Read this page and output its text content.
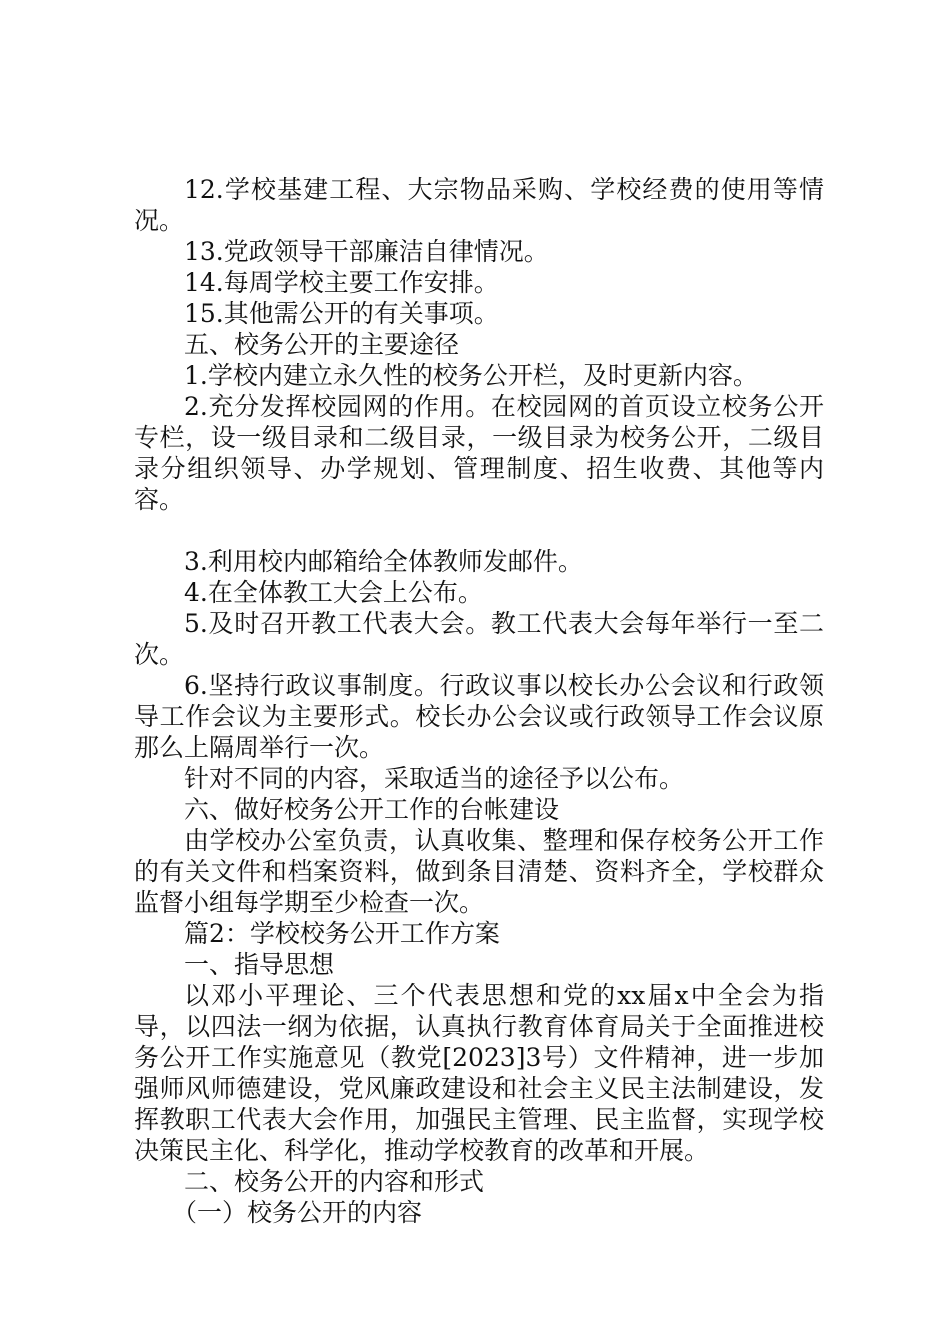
12.学校基建工程、大宗物品采购、学校经费的使用等情况。

13.党政领导干部廉洁自律情况。
14.每周学校主要工作安排。
15.其他需公开的有关事项。
五、校务公开的主要途径
1.学校内建立永久性的校务公开栏，及时更新内容。

2.充分发挥校园网的作用。在校园网的首页设立校务公开专栏，设一级目录和二级目录，一级目录为校务公开，二级目录分组织领导、办学规划、管理制度、招生收费、其他等内容。

3.利用校内邮箱给全体教师发邮件。
4.在全体教工大会上公布。

5.及时召开教工代表大会。教工代表大会每年举行一至二次。

6.坚持行政议事制度。行政议事以校长办公会议和行政领导工作会议为主要形式。校长办公会议或行政领导工作会议原那么上隔周举行一次。

针对不同的内容，采取适当的途径予以公布。
六、做好校务公开工作的台帐建设

由学校办公室负责，认真收集、整理和保存校务公开工作的有关文件和档案资料，做到条目清楚、资料齐全，学校群众监督小组每学期至少检查一次。

篇2：学校校务公开工作方案
一、指导思想

以邓小平理论、三个代表思想和党的xx届x中全会为指导，以四法一纲为依据，认真执行教育体育局关于全面推进校务公开工作实施意见（教党[2023]3号）文件精神，进一步加强师风师德建设，党风廉政建设和社会主义民主法制建设，发挥教职工代表大会作用，加强民主管理、民主监督，实现学校决策民主化、科学化，推动学校教育的改革和开展。

二、校务公开的内容和形式
（一）校务公开的内容
